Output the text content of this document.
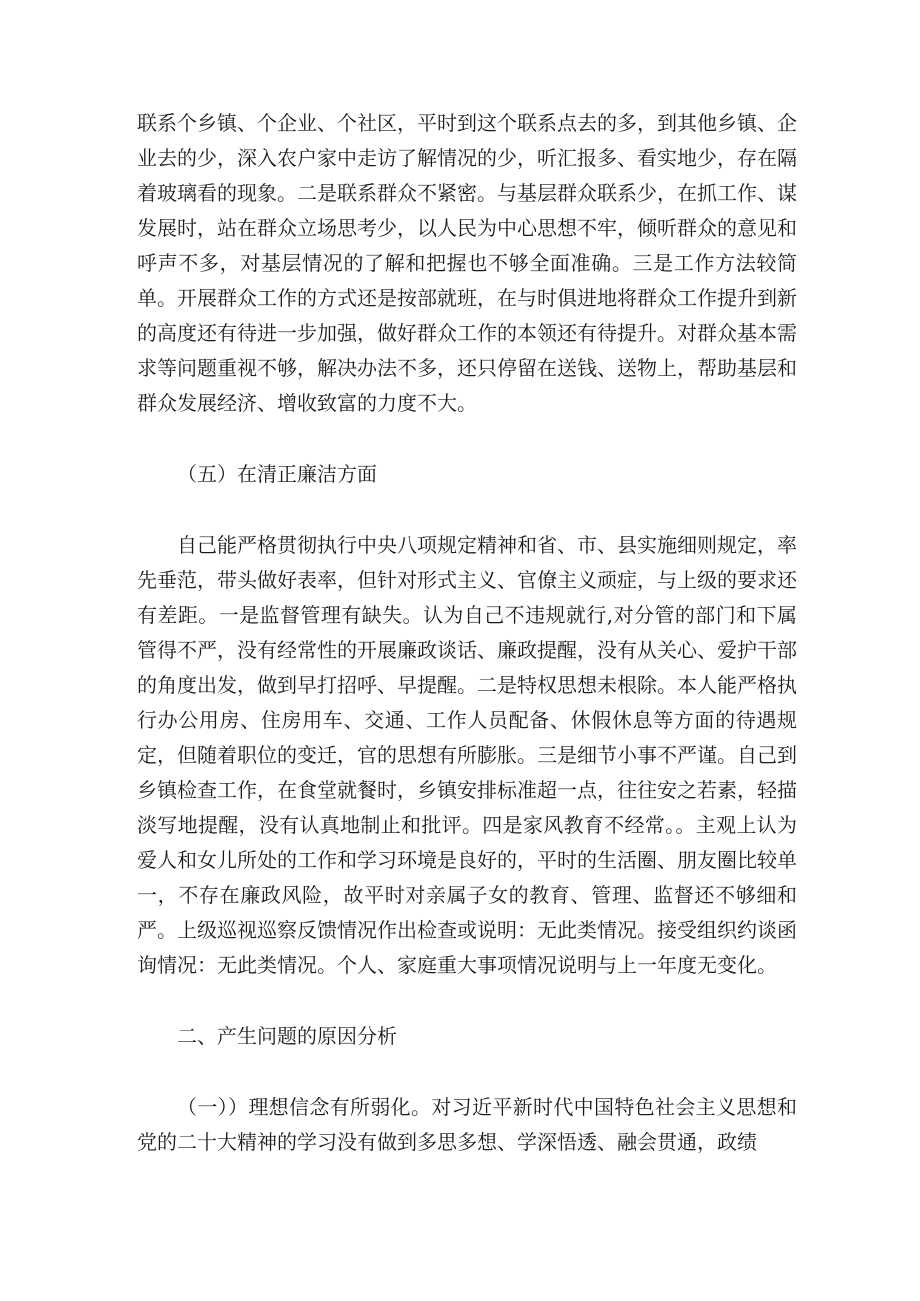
联系个乡镇、个企业、个社区，平时到这个联系点去的多，到其他乡镇、企业去的少，深入农户家中走访了解情况的少，听汇报多、看实地少，存在隔着玻璃看的现象。二是联系群众不紧密。与基层群众联系少，在抓工作、谋发展时，站在群众立场思考少，以人民为中心思想不牢，倾听群众的意见和呼声不多，对基层情况的了解和把握也不够全面准确。三是工作方法较简单。开展群众工作的方式还是按部就班，在与时俱进地将群众工作提升到新的高度还有待进一步加强，做好群众工作的本领还有待提升。对群众基本需求等问题重视不够，解决办法不多，还只停留在送钱、送物上，帮助基层和群众发展经济、增收致富的力度不大。

（五）在清正廉洁方面

自己能严格贯彻执行中央八项规定精神和省、市、县实施细则规定，率先垂范，带头做好表率，但针对形式主义、官僚主义顽症，与上级的要求还有差距。一是监督管理有缺失。认为自己不违规就行,对分管的部门和下属管得不严，没有经常性的开展廉政谈话、廉政提醒，没有从关心、爱护干部的角度出发，做到早打招呼、早提醒。二是特权思想未根除。本人能严格执行办公用房、住房用车、交通、工作人员配备、休假休息等方面的待遇规定，但随着职位的变迁，官的思想有所膨胀。三是细节小事不严谨。自己到乡镇检查工作，在食堂就餐时，乡镇安排标准超一点，往往安之若素，轻描淡写地提醒，没有认真地制止和批评。四是家风教育不经常。。主观上认为爱人和女儿所处的工作和学习环境是良好的，平时的生活圈、朋友圈比较单一，不存在廉政风险，故平时对亲属子女的教育、管理、监督还不够细和严。上级巡视巡察反馈情况作出检查或说明：无此类情况。接受组织约谈函询情况：无此类情况。个人、家庭重大事项情况说明与上一年度无变化。

二、产生问题的原因分析

（一））理想信念有所弱化。对习近平新时代中国特色社会主义思想和党的二十大精神的学习没有做到多思多想、学深悟透、融会贯通，政绩
